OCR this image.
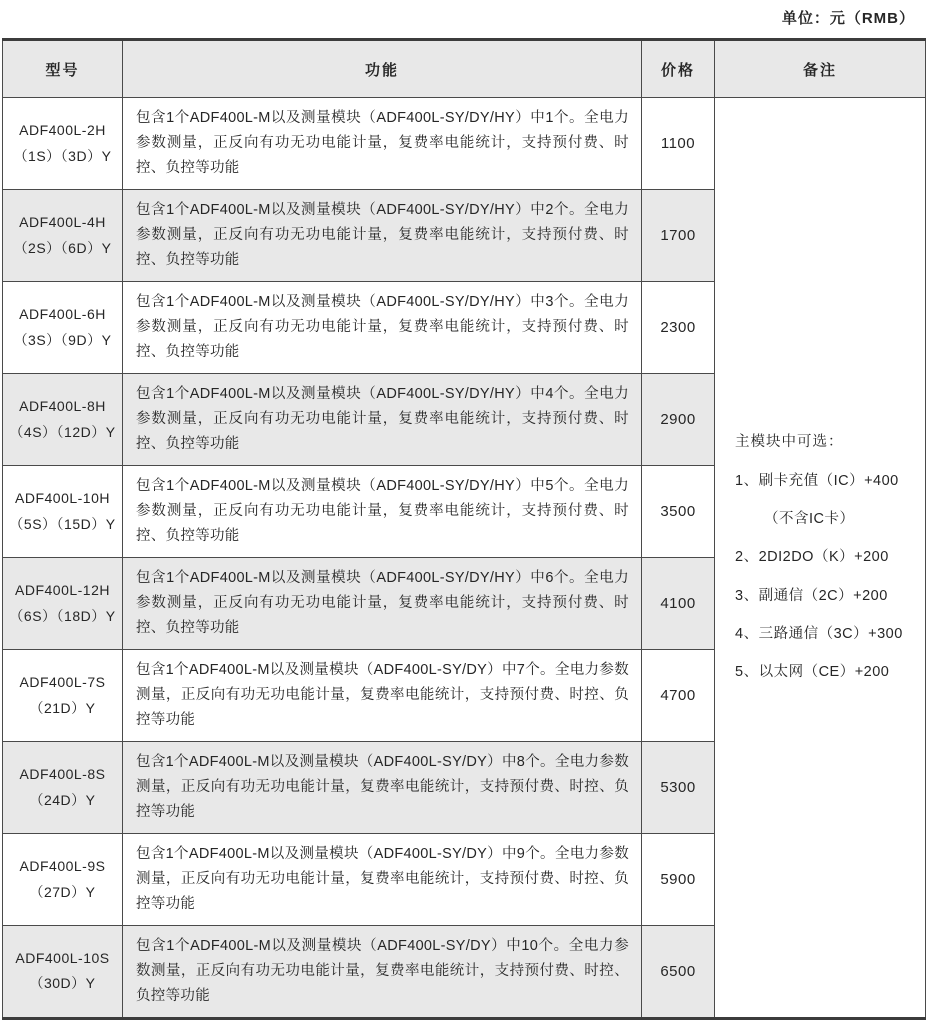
单位：元（RMB）
型号	功能	价格	备注

ADF400L-2H
（1S）（3D）Y
	包含1个ADF400L-M以及测量模块（ADF400L-SY/DY/HY）中1个。全电力参数测量，正反向有功无功电能计量，复费率电能统计，支持预付费、时控、负控等功能	1100	
主模块中可选：
1、刷卡充值（IC）+400
（不含IC卡）
2、2DI2DO（K）+200
3、副通信（2C）+200
4、三路通信（3C）+300
5、以太网（CE）+200

ADF400L-4H
（2S）（6D）Y	包含1个ADF400L-M以及测量模块（ADF400L-SY/DY/HY）中2个。全电力参数测量，正反向有功无功电能计量，复费率电能统计，支持预付费、时控、负控等功能	1700	

ADF400L-6H
（3S）（9D）Y	包含1个ADF400L-M以及测量模块（ADF400L-SY/DY/HY）中3个。全电力参数测量，正反向有功无功电能计量，复费率电能统计，支持预付费、时控、负控等功能	2300	

ADF400L-8H
（4S）（12D）Y	包含1个ADF400L-M以及测量模块（ADF400L-SY/DY/HY）中4个。全电力参数测量，正反向有功无功电能计量，复费率电能统计，支持预付费、时控、负控等功能	2900	

ADF400L-10H
（5S）（15D）Y	包含1个ADF400L-M以及测量模块（ADF400L-SY/DY/HY）中5个。全电力参数测量，正反向有功无功电能计量，复费率电能统计，支持预付费、时控、负控等功能	3500	

ADF400L-12H
（6S）（18D）Y	包含1个ADF400L-M以及测量模块（ADF400L-SY/DY/HY）中6个。全电力参数测量，正反向有功无功电能计量，复费率电能统计，支持预付费、时控、负控等功能	4100	

ADF400L-7S
（21D）Y	包含1个ADF400L-M以及测量模块（ADF400L-SY/DY）中7个。全电力参数测量，正反向有功无功电能计量，复费率电能统计，支持预付费、时控、负控等功能	4700	

ADF400L-8S
（24D）Y	包含1个ADF400L-M以及测量模块（ADF400L-SY/DY）中8个。全电力参数测量，正反向有功无功电能计量，复费率电能统计，支持预付费、时控、负控等功能	5300	

ADF400L-9S
（27D）Y	包含1个ADF400L-M以及测量模块（ADF400L-SY/DY）中9个。全电力参数测量，正反向有功无功电能计量，复费率电能统计，支持预付费、时控、负控等功能	5900	

ADF400L-10S
（30D）Y	包含1个ADF400L-M以及测量模块（ADF400L-SY/DY）中10个。全电力参数测量，正反向有功无功电能计量，复费率电能统计，支持预付费、时控、负控等功能	6500	
